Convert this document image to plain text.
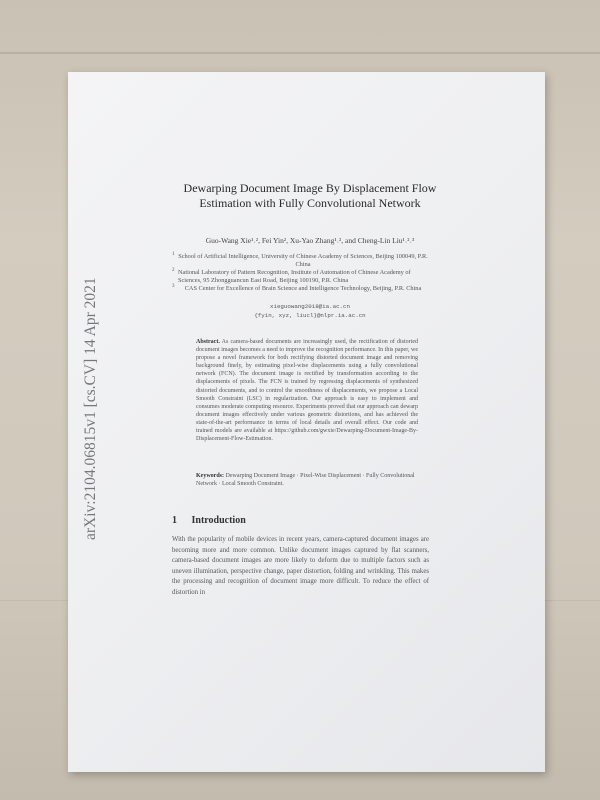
arXiv:2104.06815v1 [cs.CV] 14 Apr 2021
Dewarping Document Image By Displacement Flow Estimation with Fully Convolutional Network
Guo-Wang Xie¹˒², Fei Yin², Xu-Yao Zhang¹˒², and Cheng-Lin Liu¹˒²˒³
1 School of Artificial Intelligence, University of Chinese Academy of Sciences, Beijing 100049, P.R. China
2 National Laboratory of Pattern Recognition, Institute of Automation of Chinese Academy of Sciences, 95 Zhongguancun East Road, Beijing 100190, P.R. China
3 CAS Center for Excellence of Brain Science and Intelligence Technology, Beijing, P.R. China
xieguowang2018@ia.ac.cn
{fyin, xyz, liucl}@nlpr.ia.ac.cn
Abstract. As camera-based documents are increasingly used, the rectification of distorted document images becomes a need to improve the recognition performance. In this paper, we propose a novel framework for both rectifying distorted document image and removing background finely, by estimating pixel-wise displacements using a fully convolutional network (FCN). The document image is rectified by transformation according to the displacements of pixels. The FCN is trained by regressing displacements of synthesized distorted documents, and to control the smoothness of displacements, we propose a Local Smooth Constraint (LSC) in regularization. Our approach is easy to implement and consumes moderate computing resource. Experiments proved that our approach can dewarp document images effectively under various geometric distortions, and has achieved the state-of-the-art performance in terms of local details and overall effect. Our code and trained models are available at https://github.com/gwxie/Dewarping-Document-Image-By-Displacement-Flow-Estimation.
Keywords: Dewarping Document Image · Pixel-Wise Displacement · Fully Convolutional Network · Local Smooth Constraint.
1 Introduction
With the popularity of mobile devices in recent years, camera-captured document images are becoming more and more common. Unlike document images captured by flat scanners, camera-based document images are more likely to deform due to multiple factors such as uneven illumination, perspective change, paper distortion, folding and wrinkling. This makes the processing and recognition of document image more difficult. To reduce the effect of distortion in
